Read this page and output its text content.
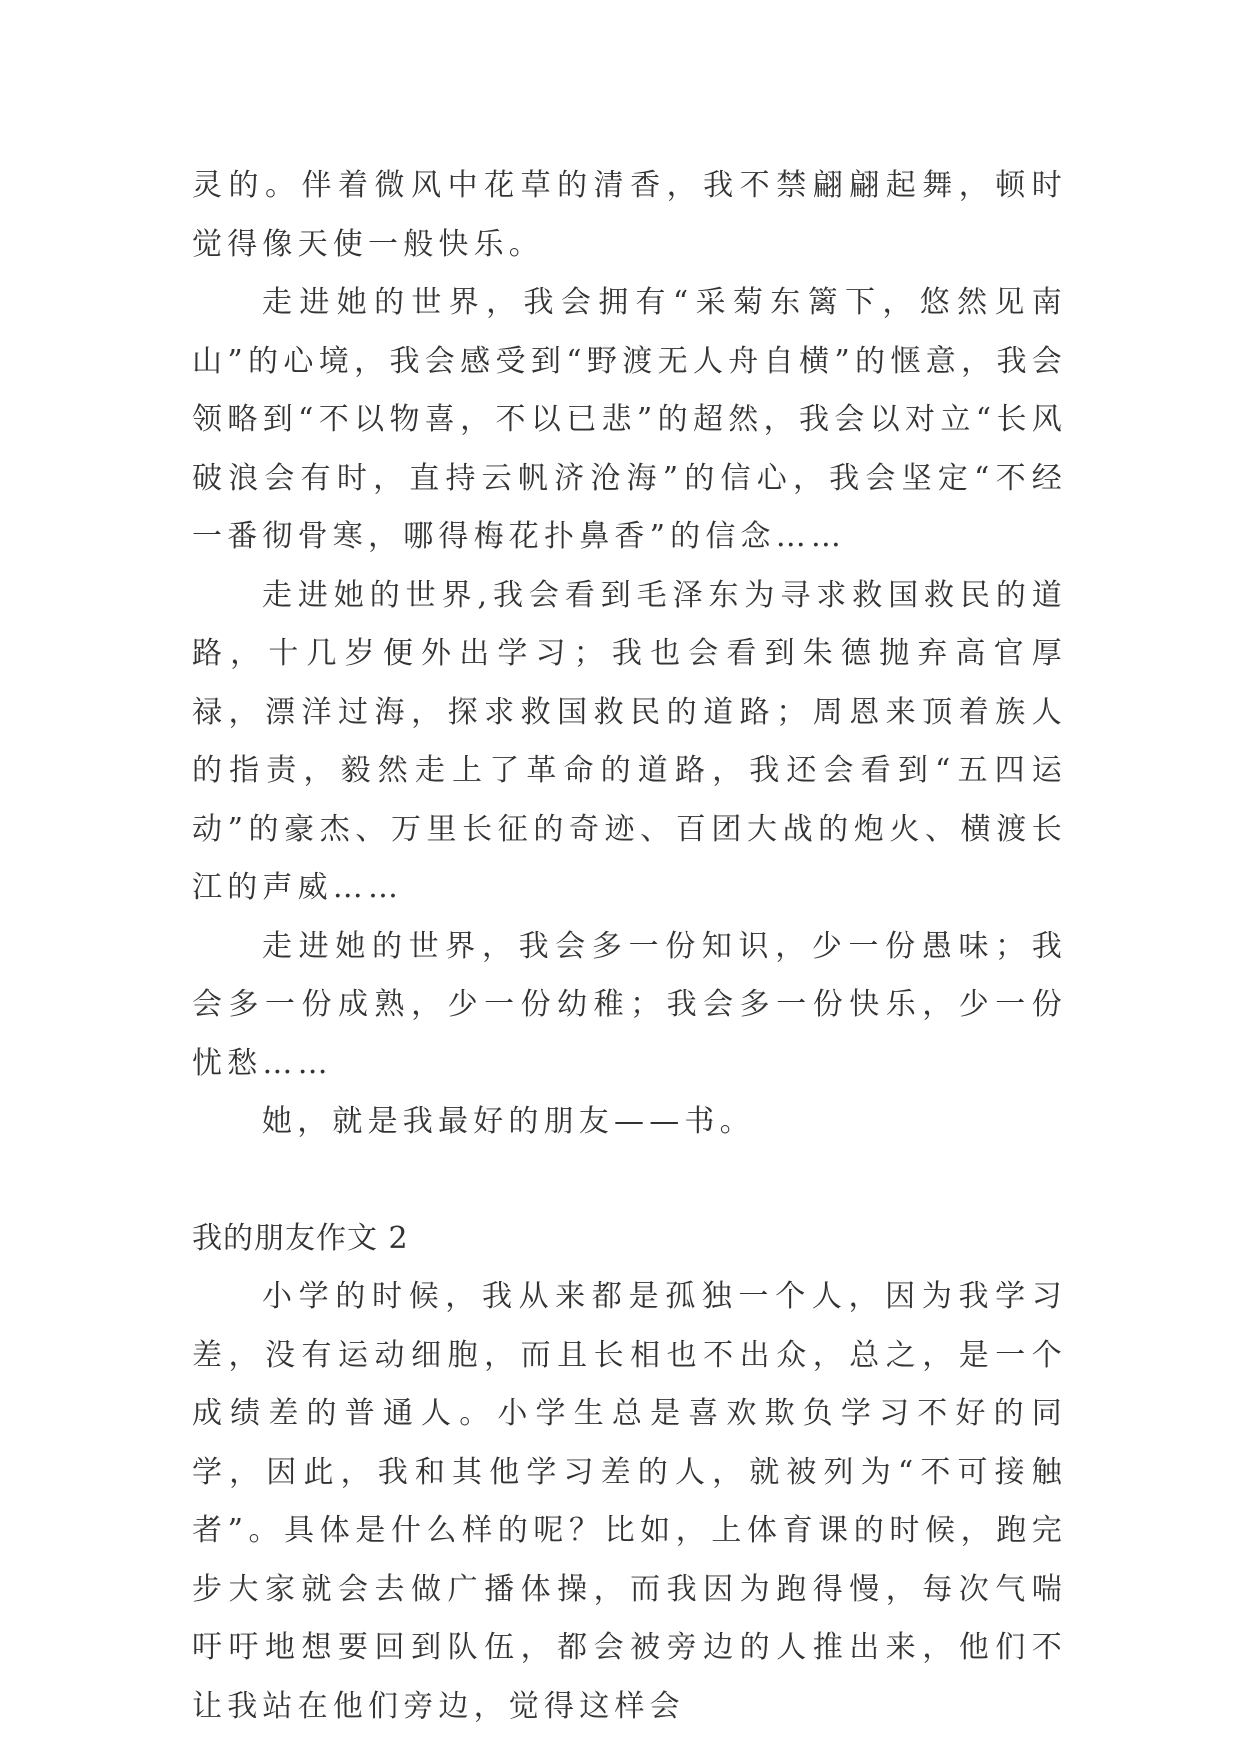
灵的。伴着微风中花草的清香，我不禁翩翩起舞，顿时觉得像天使一般快乐。

走进她的世界，我会拥有“采菊东篱下，悠然见南山”的心境，我会感受到“野渡无人舟自横”的惬意，我会领略到“不以物喜，不以已悲”的超然，我会以对立“长风破浪会有时，直持云帆济沧海”的信心，我会坚定“不经一番彻骨寒，哪得梅花扑鼻香”的信念……

走进她的世界,我会看到毛泽东为寻求救国救民的道路，十几岁便外出学习；我也会看到朱德抛弃高官厚禄，漂洋过海，探求救国救民的道路；周恩来顶着族人的指责，毅然走上了革命的道路，我还会看到“五四运动”的豪杰、万里长征的奇迹、百团大战的炮火、横渡长江的声威……

走进她的世界，我会多一份知识，少一份愚味；我会多一份成熟，少一份幼稚；我会多一份快乐，少一份忧愁……

她，就是我最好的朋友——书。

我的朋友作文 2

小学的时候，我从来都是孤独一个人，因为我学习差，没有运动细胞，而且长相也不出众，总之，是一个成绩差的普通人。小学生总是喜欢欺负学习不好的同学，因此，我和其他学习差的人，就被列为“不可接触者”。具体是什么样的呢？比如，上体育课的时候，跑完步大家就会去做广播体操，而我因为跑得慢，每次气喘吁吁地想要回到队伍，都会被旁边的人推出来，他们不让我站在他们旁边，觉得这样会
